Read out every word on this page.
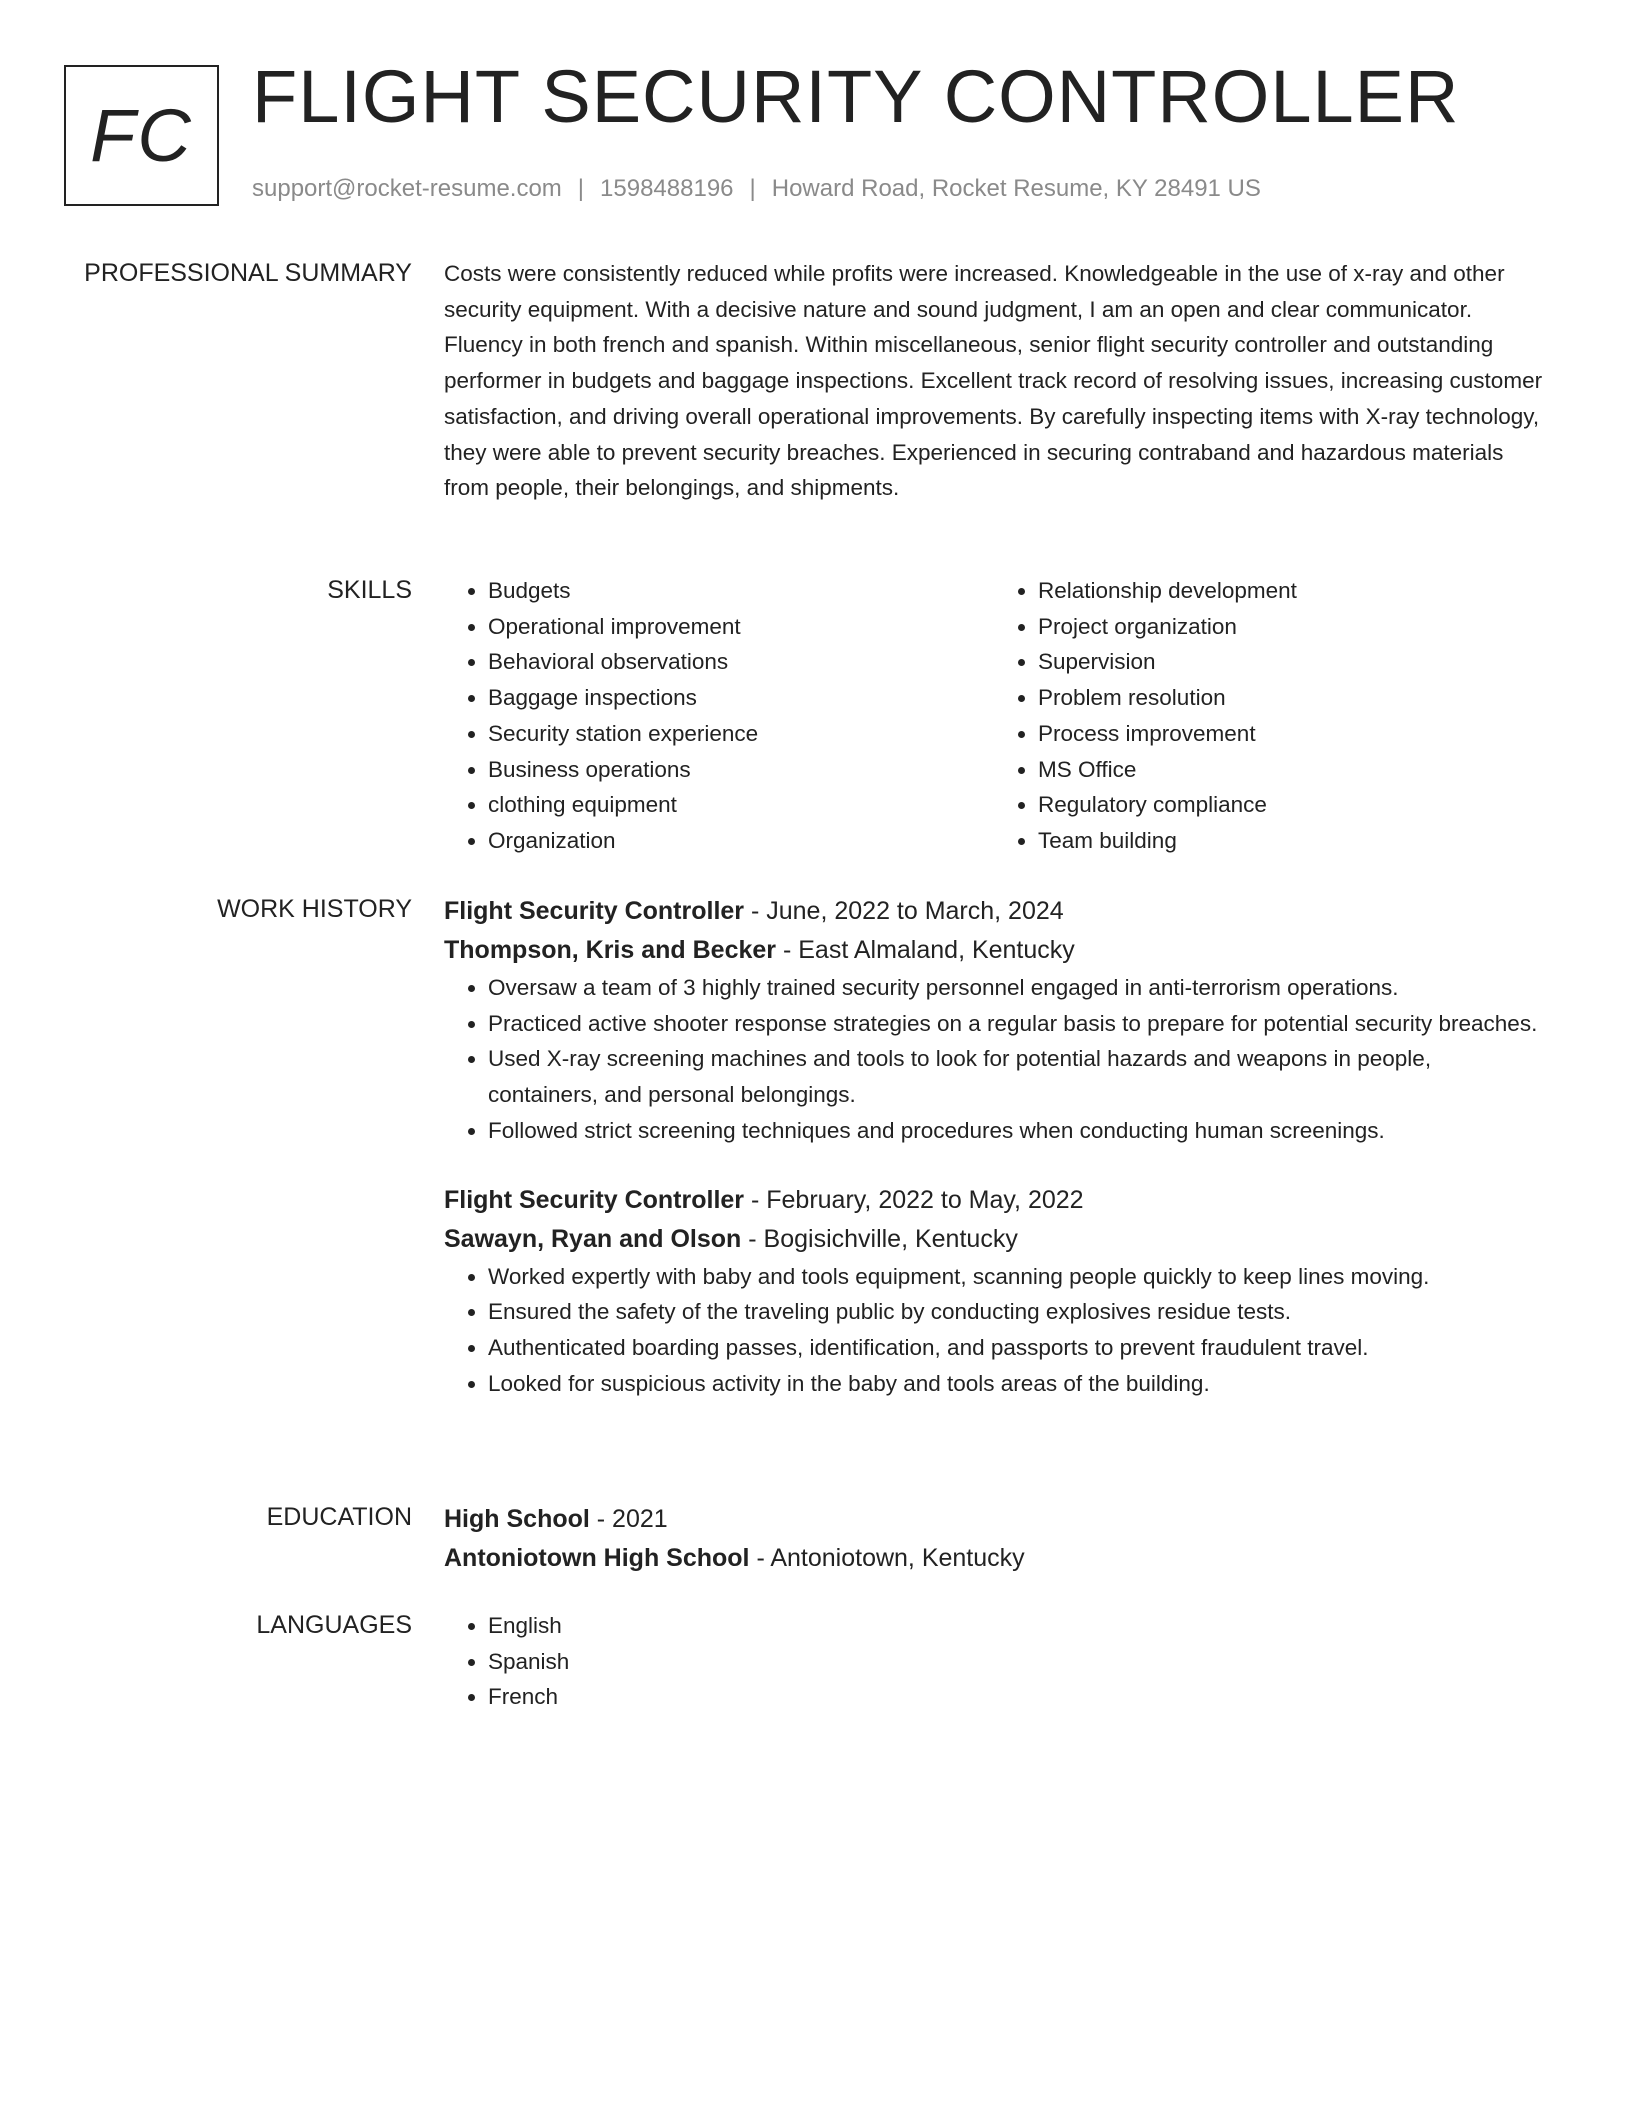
FC FLIGHT SECURITY CONTROLLER
support@rocket-resume.com | 1598488196 | Howard Road, Rocket Resume, KY 28491 US
PROFESSIONAL SUMMARY Costs were consistently reduced while profits were increased. Knowledgeable in the use of x-ray and other security equipment. With a decisive nature and sound judgment, I am an open and clear communicator. Fluency in both french and spanish. Within miscellaneous, senior flight security controller and outstanding performer in budgets and baggage inspections. Excellent track record of resolving issues, increasing customer satisfaction, and driving overall operational improvements. By carefully inspecting items with X-ray technology, they were able to prevent security breaches. Experienced in securing contraband and hazardous materials from people, their belongings, and shipments.

SKILLS	• Budgets
• Operational improvement
• Behavioral observations
• Baggage inspections
• Security station experience
• Business operations
• clothing equipment
• Organization
• Relationship development
• Project organization
• Supervision
• Problem resolution
• Process improvement
• MS Office
• Regulatory compliance
• Team building
WORK HISTORY Flight Security Controller - June, 2022 to March, 2024
Thompson, Kris and Becker - East Almaland, Kentucky
• Oversaw a team of 3 highly trained security personnel engaged in anti-terrorism operations.
• Practiced active shooter response strategies on a regular basis to prepare for potential security breaches.
• Used X-ray screening machines and tools to look for potential hazards and weapons in people, containers, and personal belongings.
• Followed strict screening techniques and procedures when conducting human screenings.
Flight Security Controller - February, 2022 to May, 2022
Sawayn, Ryan and Olson - Bogisichville, Kentucky
• Worked expertly with baby and tools equipment, scanning people quickly to keep lines moving.
• Ensured the safety of the traveling public by conducting explosives residue tests.
• Authenticated boarding passes, identification, and passports to prevent fraudulent travel.
• Looked for suspicious activity in the baby and tools areas of the building.
EDUCATION High School - 2021
Antoniotown High School - Antoniotown, Kentucky
LANGUAGES	• English
• Spanish
• French
